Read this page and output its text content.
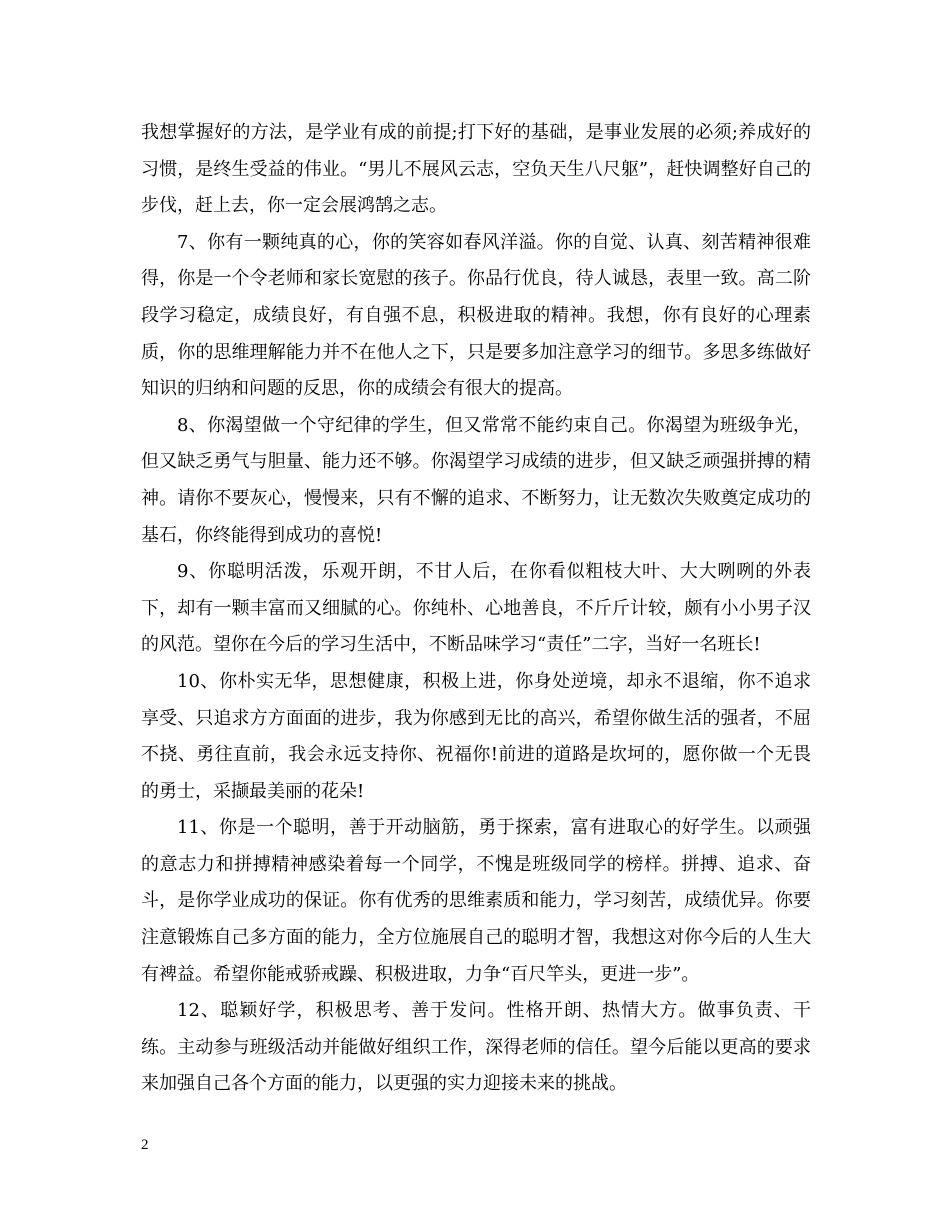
我想掌握好的方法，是学业有成的前提;打下好的基础，是事业发展的必须;养成好的习惯，是终生受益的伟业。“男儿不展风云志，空负天生八尺躯”，赶快调整好自己的步伐，赶上去，你一定会展鸿鹄之志。

7、你有一颗纯真的心，你的笑容如春风洋溢。你的自觉、认真、刻苦精神很难得，你是一个令老师和家长宽慰的孩子。你品行优良，待人诚恳，表里一致。高二阶段学习稳定，成绩良好，有自强不息，积极进取的精神。我想，你有良好的心理素质，你的思维理解能力并不在他人之下，只是要多加注意学习的细节。多思多练做好知识的归纳和问题的反思，你的成绩会有很大的提高。

8、你渴望做一个守纪律的学生，但又常常不能约束自己。你渴望为班级争光，但又缺乏勇气与胆量、能力还不够。你渴望学习成绩的进步，但又缺乏顽强拼搏的精神。请你不要灰心，慢慢来，只有不懈的追求、不断努力，让无数次失败奠定成功的基石，你终能得到成功的喜悦!

9、你聪明活泼，乐观开朗，不甘人后，在你看似粗枝大叶、大大咧咧的外表下，却有一颗丰富而又细腻的心。你纯朴、心地善良，不斤斤计较，颇有小小男子汉的风范。望你在今后的学习生活中，不断品味学习“责任”二字，当好一名班长!

10、你朴实无华，思想健康，积极上进，你身处逆境，却永不退缩，你不追求享受、只追求方方面面的进步，我为你感到无比的高兴，希望你做生活的强者，不屈不挠、勇往直前，我会永远支持你、祝福你!前进的道路是坎坷的，愿你做一个无畏的勇士，采撷最美丽的花朵!

11、你是一个聪明，善于开动脑筋，勇于探索，富有进取心的好学生。以顽强的意志力和拼搏精神感染着每一个同学，不愧是班级同学的榜样。拼搏、追求、奋斗，是你学业成功的保证。你有优秀的思维素质和能力，学习刻苦，成绩优异。你要注意锻炼自己多方面的能力，全方位施展自己的聪明才智，我想这对你今后的人生大有裨益。希望你能戒骄戒躁、积极进取，力争“百尺竿头，更进一步”。

12、聪颖好学，积极思考、善于发问。性格开朗、热情大方。做事负责、干练。主动参与班级活动并能做好组织工作，深得老师的信任。望今后能以更高的要求来加强自己各个方面的能力，以更强的实力迎接未来的挑战。

2
